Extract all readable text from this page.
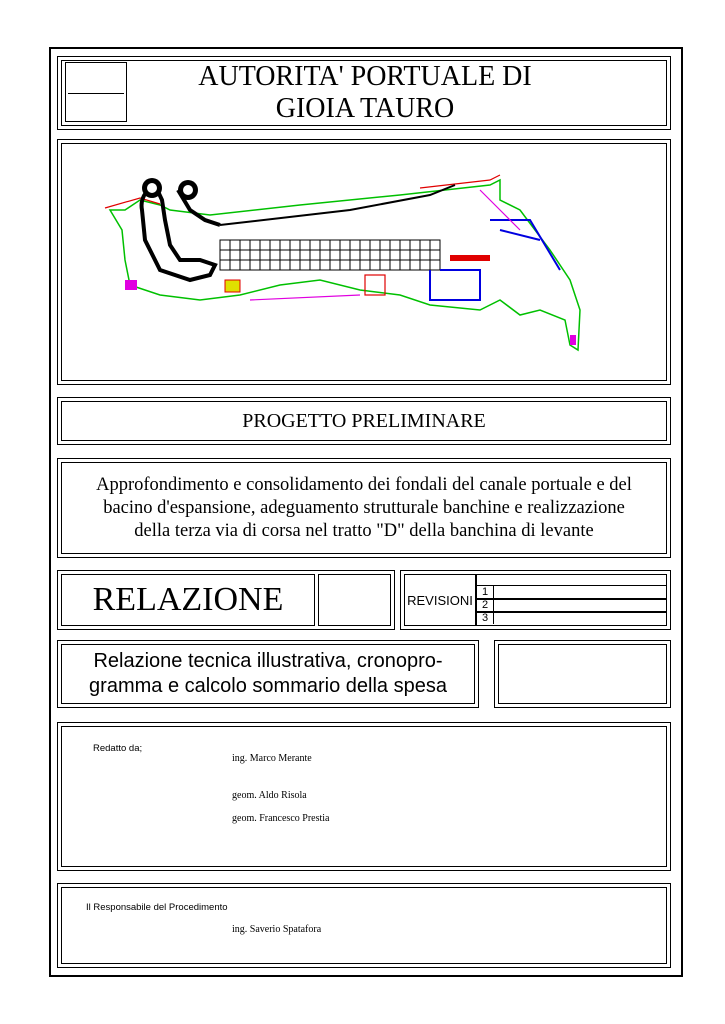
AUTORITA' PORTUALE DI
GIOIA TAURO
PROGETTO PRELIMINARE
Approfondimento e consolidamento dei fondali del canale portuale e del
bacino d'espansione, adeguamento strutturale banchine e realizzazione
della terza via di corsa nel tratto "D" della banchina di levante
RELAZIONE	REVISIONI
1
2
3
Relazione tecnica illustrativa, cronopro-
gramma e calcolo sommario della spesa
Redatto da;
ing. Marco Merante
geom. Aldo Risola
geom. Francesco Prestia
Il Responsabile del Procedimento
ing. Saverio Spatafora
